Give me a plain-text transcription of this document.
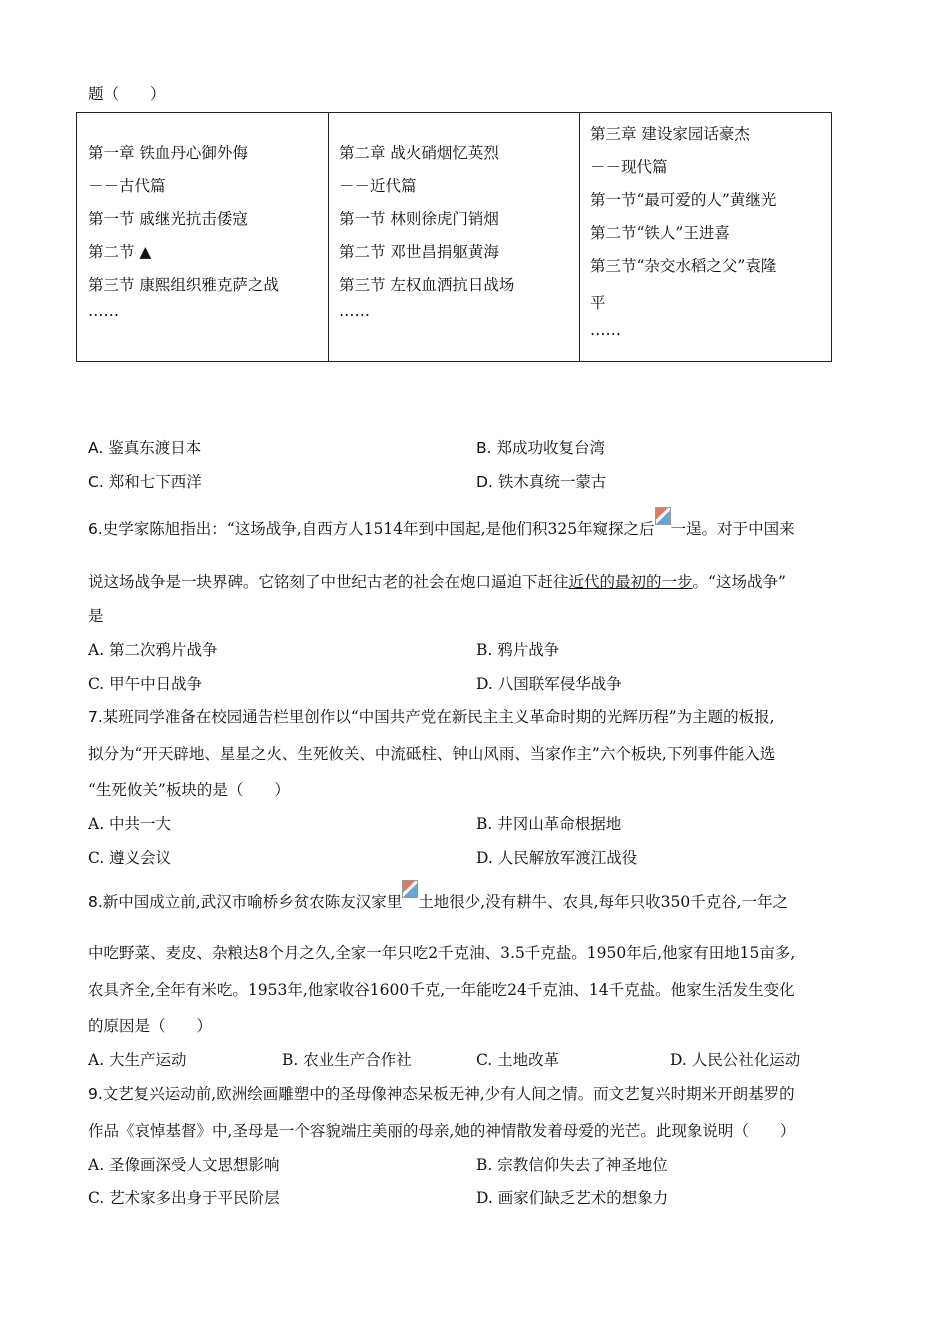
题（　　）
第一章 铁血丹心御外侮
－－古代篇
第一节 戚继光抗击倭寇
第二节 ▲
第三节 康熙组织雅克萨之战
……
第二章 战火硝烟忆英烈
－－近代篇
第一节 林则徐虎门销烟
第二节 邓世昌捐躯黄海
第三节 左权血洒抗日战场
……
第三章 建设家园话豪杰
－－现代篇
第一节“最可爱的人”黄继光
第二节“铁人”王进喜
第三节“杂交水稻之父”袁隆
平
……
A. 鉴真东渡日本	B. 郑成功收复台湾
C. 郑和七下西洋	D. 铁木真统一蒙古
6.史学家陈旭指出：“这场战争,自西方人1514年到中国起,是他们积325年窥探之后 一逞。对于中国来
说这场战争是一块界碑。它铭刻了中世纪古老的社会在炮口逼迫下赶往近代的最初的一步。“这场战争”
是
A. 第二次鸦片战争	B. 鸦片战争
C. 甲午中日战争	D. 八国联军侵华战争
7.某班同学准备在校园通告栏里创作以“中国共产党在新民主主义革命时期的光辉历程”为主题的板报,
拟分为“开天辟地、星星之火、生死攸关、中流砥柱、钟山风雨、当家作主”六个板块,下列事件能入选
“生死攸关”板块的是（　　）
A. 中共一大	B. 井冈山革命根据地
C. 遵义会议	D. 人民解放军渡江战役
8.新中国成立前,武汉市喻桥乡贫农陈友汉家里 土地很少,没有耕牛、农具,每年只收350千克谷,一年之
中吃野菜、麦皮、杂粮达8个月之久,全家一年只吃2千克油、3.5千克盐。1950年后,他家有田地15亩多,
农具齐全,全年有米吃。1953年,他家收谷1600千克,一年能吃24千克油、14千克盐。他家生活发生变化
的原因是（　　）
A. 大生产运动	B. 农业生产合作社	C. 土地改革	D. 人民公社化运动
9.文艺复兴运动前,欧洲绘画雕塑中的圣母像神态呆板无神,少有人间之情。而文艺复兴时期米开朗基罗的
作品《哀悼基督》中,圣母是一个容貌端庄美丽的母亲,她的神情散发着母爱的光芒。此现象说明（　　）
A. 圣像画深受人文思想影响	B. 宗教信仰失去了神圣地位
C. 艺术家多出身于平民阶层	D. 画家们缺乏艺术的想象力
